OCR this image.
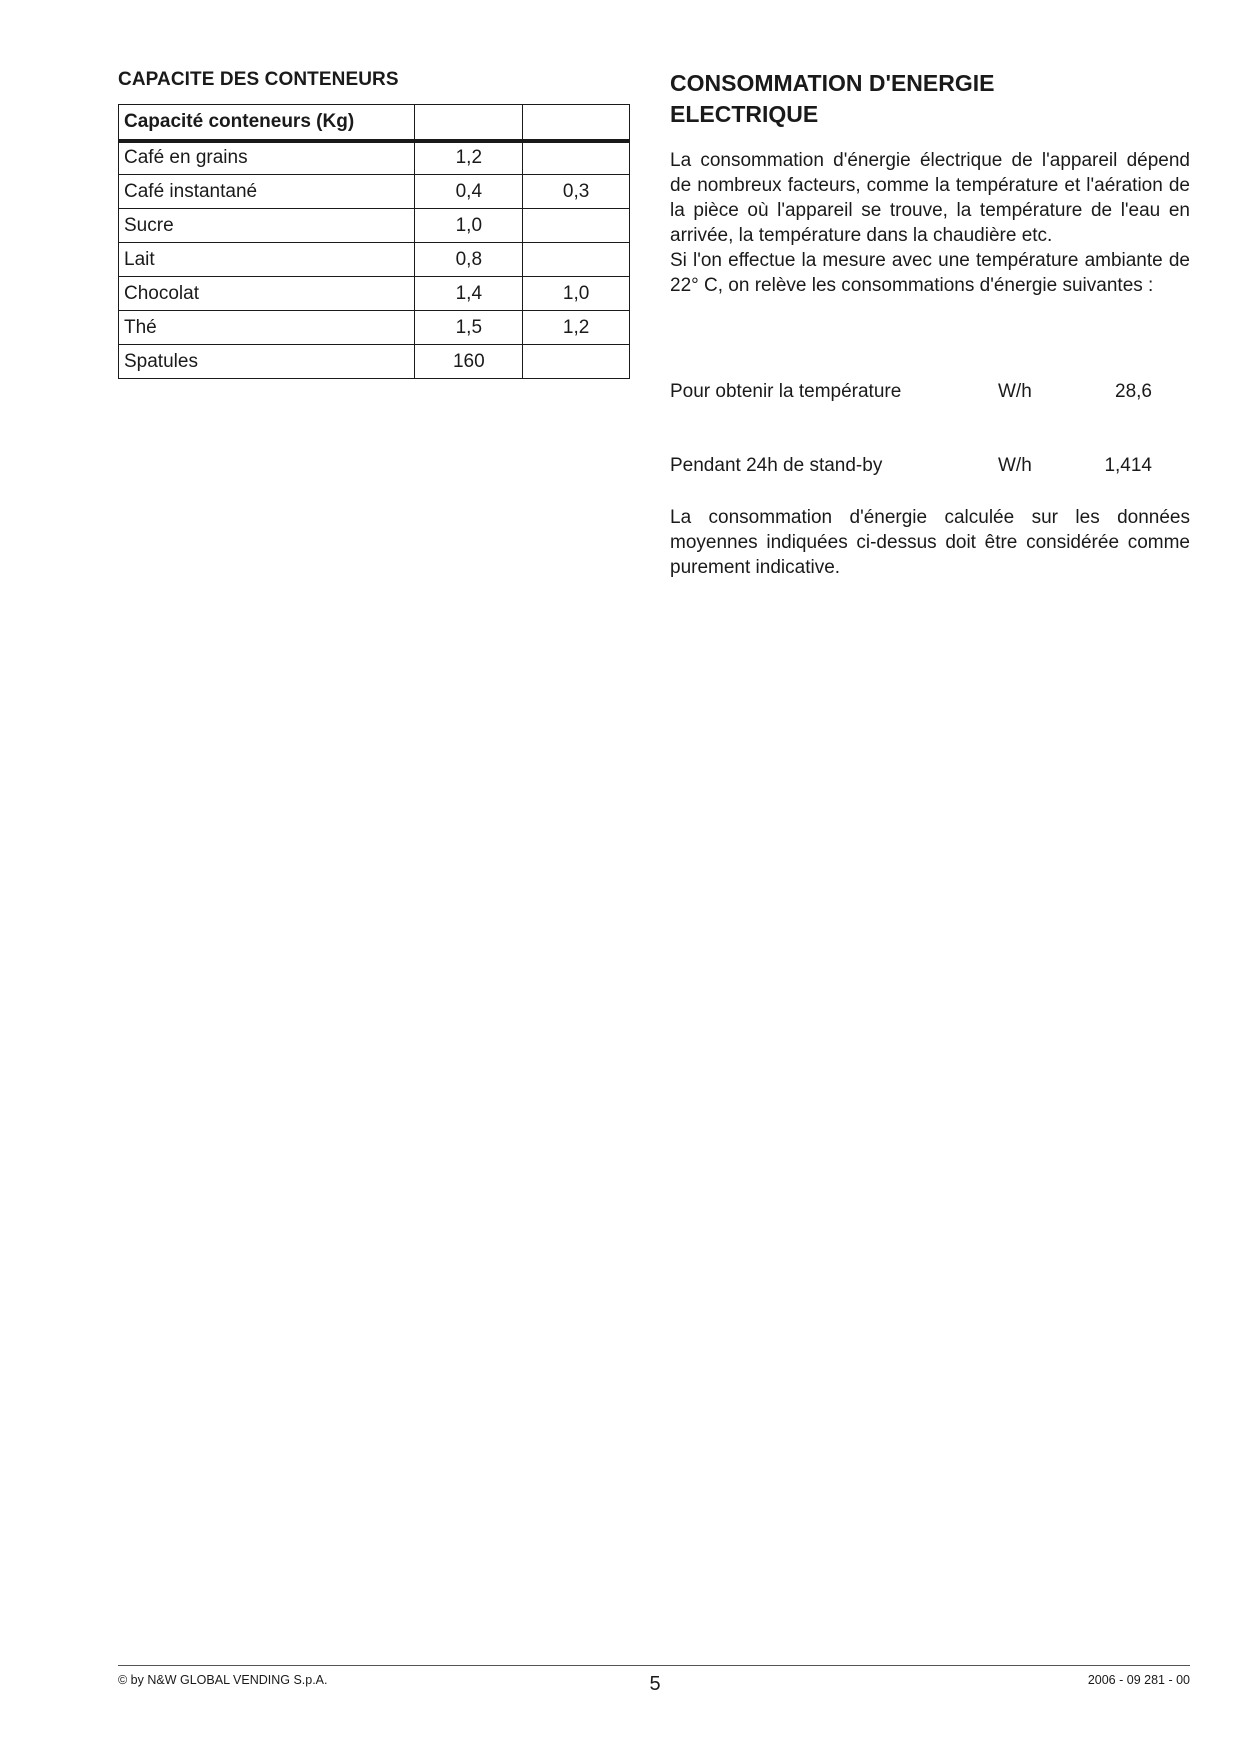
CAPACITE DES CONTENEURS
Capacité conteneurs (Kg)		
Café en grains	1,2	
Café instantané	0,4	0,3
Sucre	1,0	
Lait	0,8	
Chocolat	1,4	1,0
Thé	1,5	1,2
Spatules	160	
CONSOMMATION D'ENERGIE ELECTRIQUE

La consommation d'énergie électrique de l'appareil dépend de nombreux facteurs, comme la température et l'aération de la pièce où l'appareil se trouve, la température de l'eau en arrivée, la température dans la chaudière etc.

Si l'on effectue la mesure avec une température ambiante de 22° C, on relève les consommations d'énergie suivantes :

Pour obtenir la température	W/h	28,6
Pendant 24h de stand-by	W/h	1,414

La consommation d'énergie calculée sur les données moyennes indiquées ci-dessus doit être considérée comme purement indicative.

© by N&W GLOBAL VENDING S.p.A.	5	2006 - 09 281 - 00
